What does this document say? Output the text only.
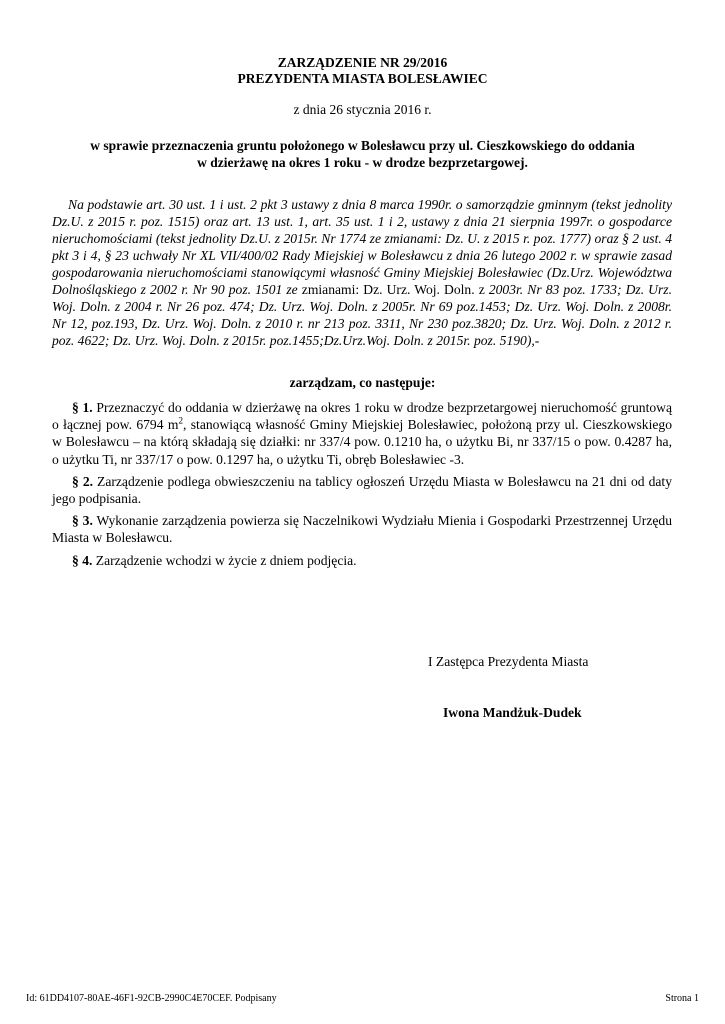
ZARZĄDZENIE NR 29/2016
PREZYDENTA MIASTA BOLESŁAWIEC
z dnia 26 stycznia 2016 r.
w sprawie przeznaczenia gruntu położonego w Bolesławcu przy ul. Cieszkowskiego do oddania
w dzierżawę na okres 1 roku - w drodze bezprzetargowej.
Na podstawie art. 30 ust. 1 i ust. 2 pkt 3 ustawy z dnia 8 marca 1990r. o samorządzie gminnym (tekst jednolity Dz.U. z 2015 r. poz. 1515) oraz art. 13 ust. 1, art. 35 ust. 1 i 2, ustawy z dnia 21 sierpnia 1997r. o gospodarce nieruchomościami (tekst jednolity Dz.U. z 2015r. Nr 1774 ze zmianami: Dz. U. z 2015 r. poz. 1777) oraz § 2 ust. 4 pkt 3 i 4, § 23 uchwały Nr XL VII/400/02 Rady Miejskiej w Bolesławcu z dnia 26 lutego 2002 r. w sprawie zasad gospodarowania nieruchomościami stanowiącymi własność Gminy Miejskiej Bolesławiec (Dz.Urz. Województwa Dolnośląskiego z 2002 r. Nr 90 poz. 1501 ze zmianami: Dz. Urz. Woj. Doln. z 2003r. Nr 83 poz. 1733; Dz. Urz. Woj. Doln. z 2004 r. Nr 26 poz. 474; Dz. Urz. Woj. Doln. z 2005r. Nr 69 poz.1453; Dz. Urz. Woj. Doln. z 2008r. Nr 12, poz.193, Dz. Urz. Woj. Doln. z 2010 r. nr 213 poz. 3311, Nr 230 poz.3820; Dz. Urz. Woj. Doln. z 2012 r. poz. 4622; Dz. Urz. Woj. Doln. z 2015r. poz.1455;Dz.Urz.Woj. Doln. z 2015r. poz. 5190),-
zarządzam, co następuje:

§ 1. Przeznaczyć do oddania w dzierżawę na okres 1 roku w drodze bezprzetargowej nieruchomość gruntową o łącznej pow. 6794 $m^2$, stanowiącą własność Gminy Miejskiej Bolesławiec, położoną przy ul. Cieszkowskiego w Bolesławcu – na którą składają się działki: nr 337/4 pow. 0.1210 ha, o użytku Bi, nr 337/15 o pow. 0.4287 ha, o użytku Ti, nr 337/17 o pow. 0.1297 ha, o użytku Ti, obręb Bolesławiec -3.

§ 2. Zarządzenie podlega obwieszczeniu na tablicy ogłoszeń Urzędu Miasta w Bolesławcu na 21 dni od daty jego podpisania.

§ 3. Wykonanie zarządzenia powierza się Naczelnikowi Wydziału Mienia i Gospodarki Przestrzennej Urzędu Miasta w Bolesławcu.

§ 4. Zarządzenie wchodzi w życie z dniem podjęcia.

I Zastępca Prezydenta Miasta
Iwona Mandżuk-Dudek
Id: 61DD4107-80AE-46F1-92CB-2990C4E70CEF. Podpisany	Strona 1
